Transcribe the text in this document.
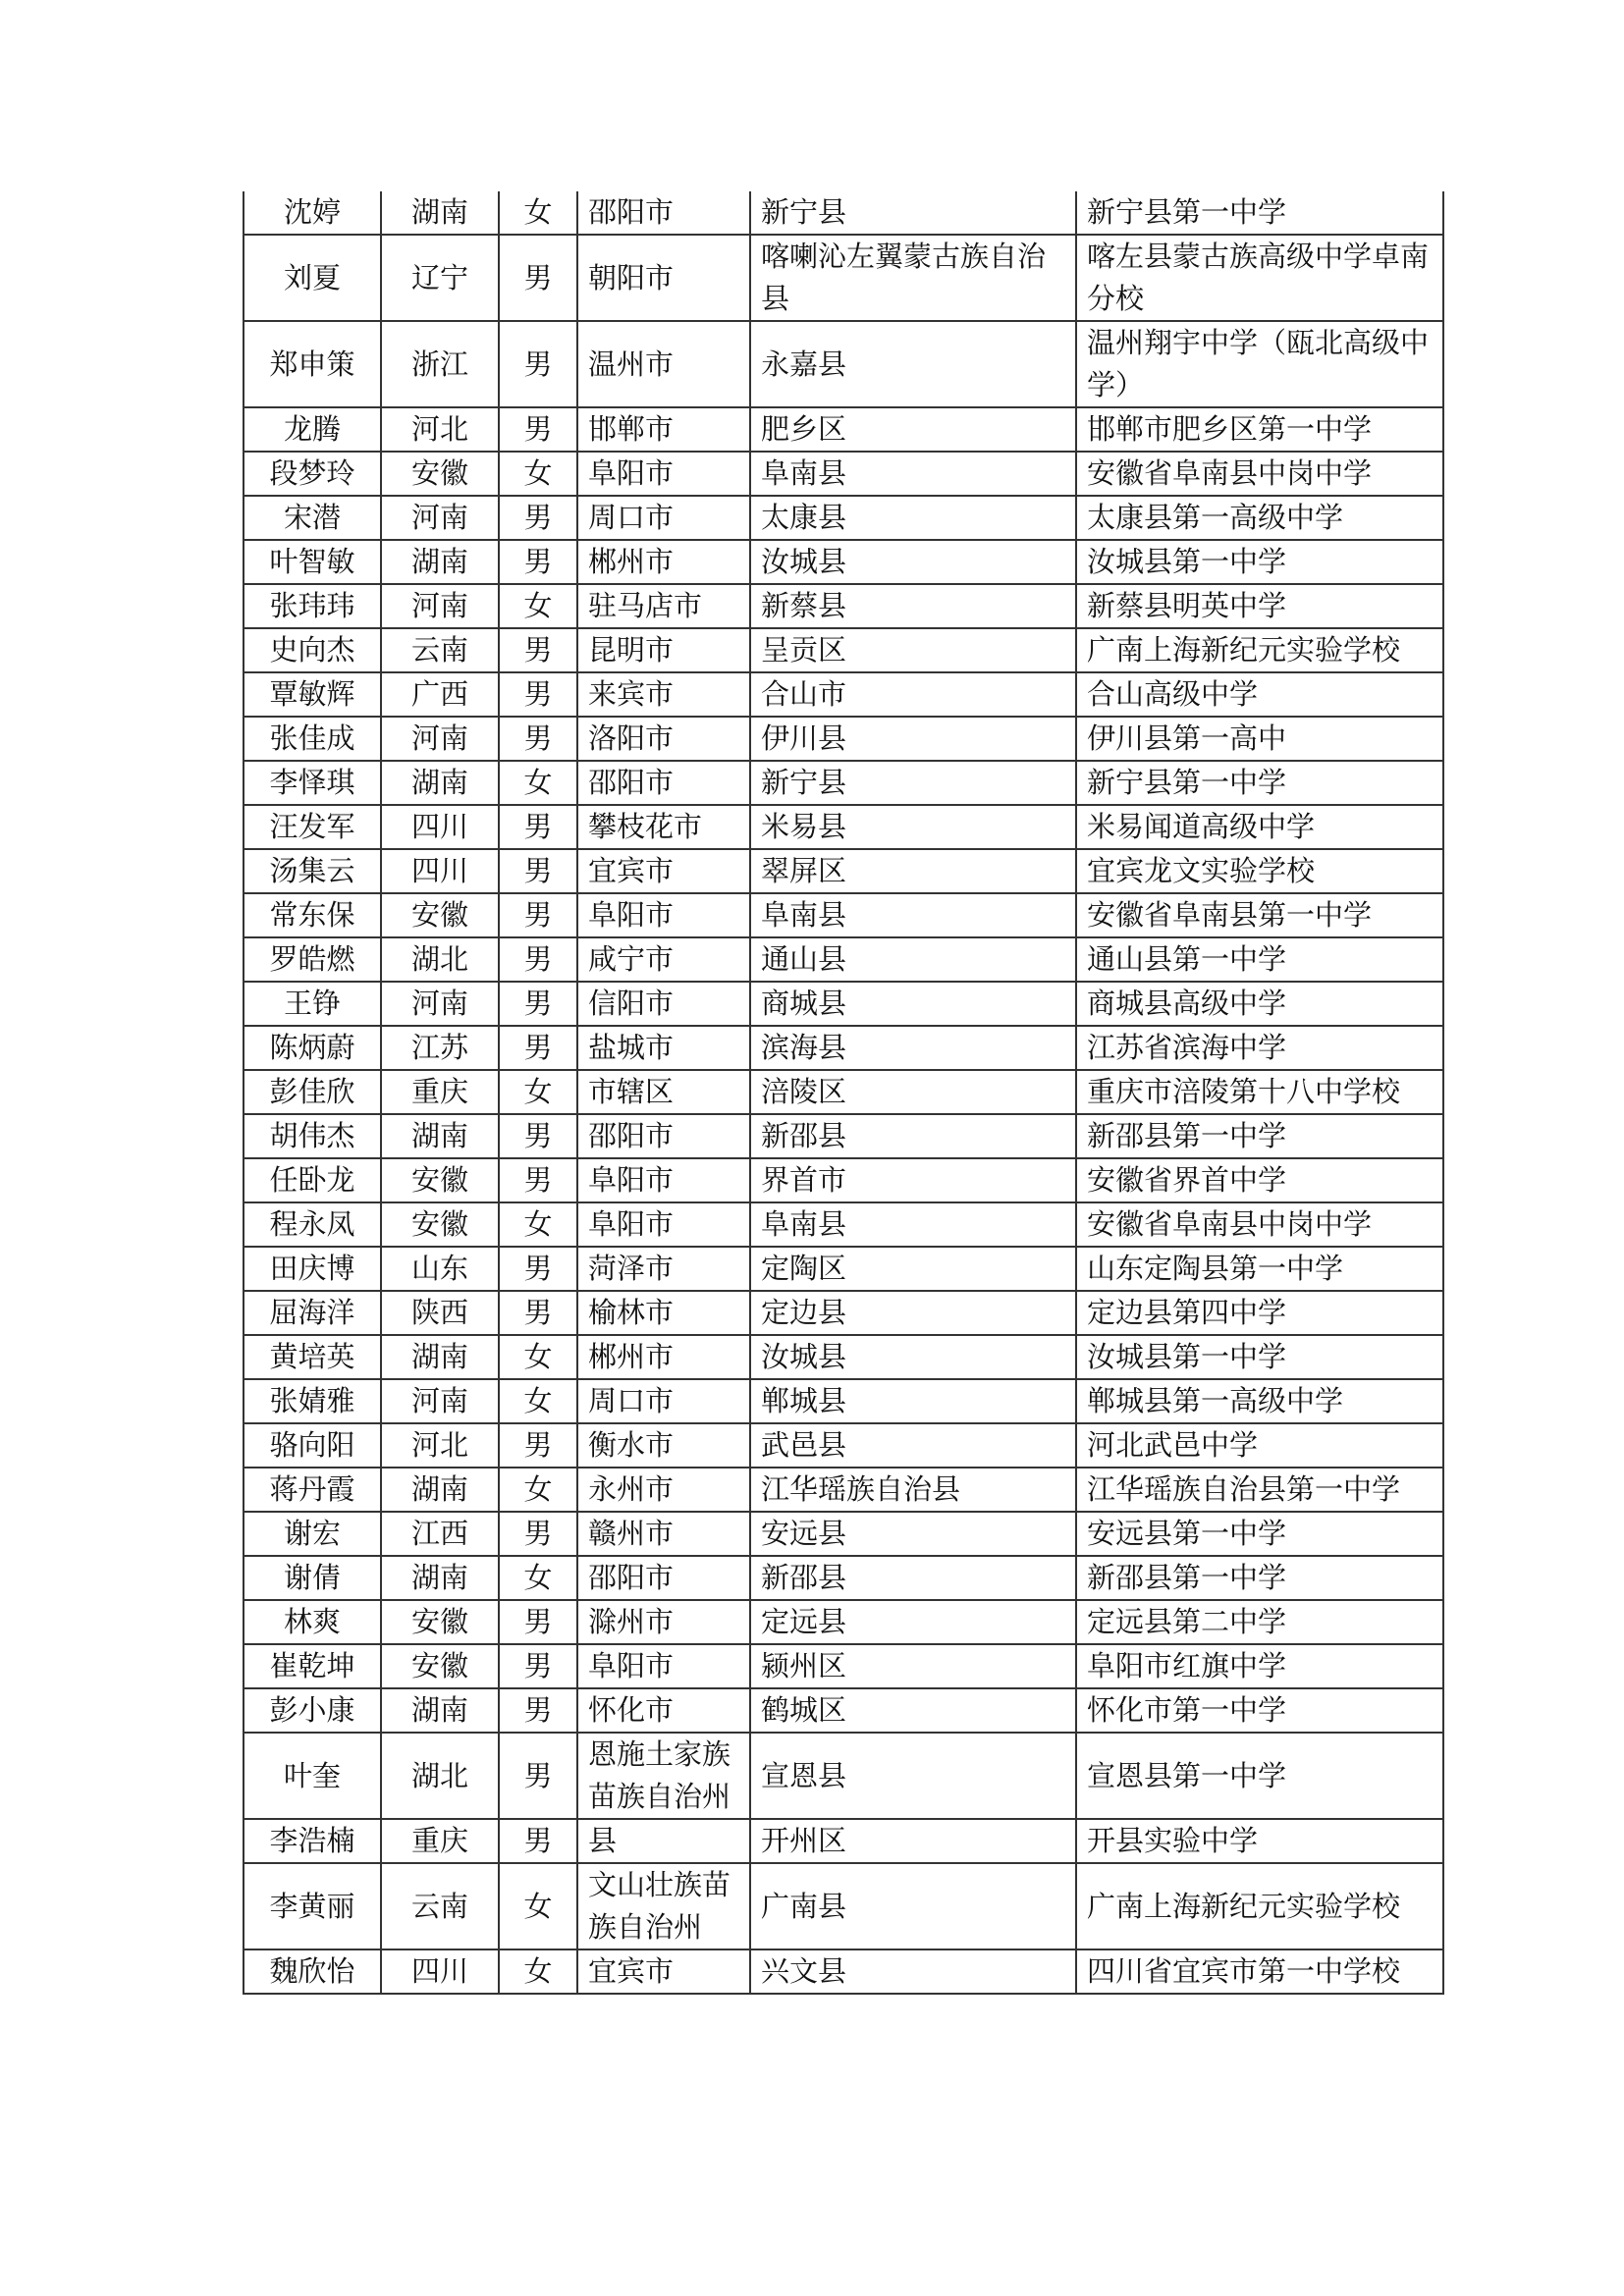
沈婷	湖南	女	邵阳市	新宁县	新宁县第一中学
刘夏	辽宁	男	朝阳市	喀喇沁左翼蒙古族自治县	喀左县蒙古族高级中学卓南分校
郑申策	浙江	男	温州市	永嘉县	温州翔宇中学（瓯北高级中学）
龙腾	河北	男	邯郸市	肥乡区	邯郸市肥乡区第一中学
段梦玲	安徽	女	阜阳市	阜南县	安徽省阜南县中岗中学
宋潜	河南	男	周口市	太康县	太康县第一高级中学
叶智敏	湖南	男	郴州市	汝城县	汝城县第一中学
张玮玮	河南	女	驻马店市	新蔡县	新蔡县明英中学
史向杰	云南	男	昆明市	呈贡区	广南上海新纪元实验学校
覃敏辉	广西	男	来宾市	合山市	合山高级中学
张佳成	河南	男	洛阳市	伊川县	伊川县第一高中
李怿琪	湖南	女	邵阳市	新宁县	新宁县第一中学
汪发军	四川	男	攀枝花市	米易县	米易闻道高级中学
汤集云	四川	男	宜宾市	翠屏区	宜宾龙文实验学校
常东保	安徽	男	阜阳市	阜南县	安徽省阜南县第一中学
罗皓燃	湖北	男	咸宁市	通山县	通山县第一中学
王铮	河南	男	信阳市	商城县	商城县高级中学
陈炳蔚	江苏	男	盐城市	滨海县	江苏省滨海中学
彭佳欣	重庆	女	市辖区	涪陵区	重庆市涪陵第十八中学校
胡伟杰	湖南	男	邵阳市	新邵县	新邵县第一中学
任卧龙	安徽	男	阜阳市	界首市	安徽省界首中学
程永凤	安徽	女	阜阳市	阜南县	安徽省阜南县中岗中学
田庆博	山东	男	菏泽市	定陶区	山东定陶县第一中学
屈海洋	陕西	男	榆林市	定边县	定边县第四中学
黄培英	湖南	女	郴州市	汝城县	汝城县第一中学
张婧雅	河南	女	周口市	郸城县	郸城县第一高级中学
骆向阳	河北	男	衡水市	武邑县	河北武邑中学
蒋丹霞	湖南	女	永州市	江华瑶族自治县	江华瑶族自治县第一中学
谢宏	江西	男	赣州市	安远县	安远县第一中学
谢倩	湖南	女	邵阳市	新邵县	新邵县第一中学
林爽	安徽	男	滁州市	定远县	定远县第二中学
崔乾坤	安徽	男	阜阳市	颍州区	阜阳市红旗中学
彭小康	湖南	男	怀化市	鹤城区	怀化市第一中学
叶奎	湖北	男	恩施土家族苗族自治州	宣恩县	宣恩县第一中学
李浩楠	重庆	男	县	开州区	开县实验中学
李黄丽	云南	女	文山壮族苗族自治州	广南县	广南上海新纪元实验学校
魏欣怡	四川	女	宜宾市	兴文县	四川省宜宾市第一中学校
